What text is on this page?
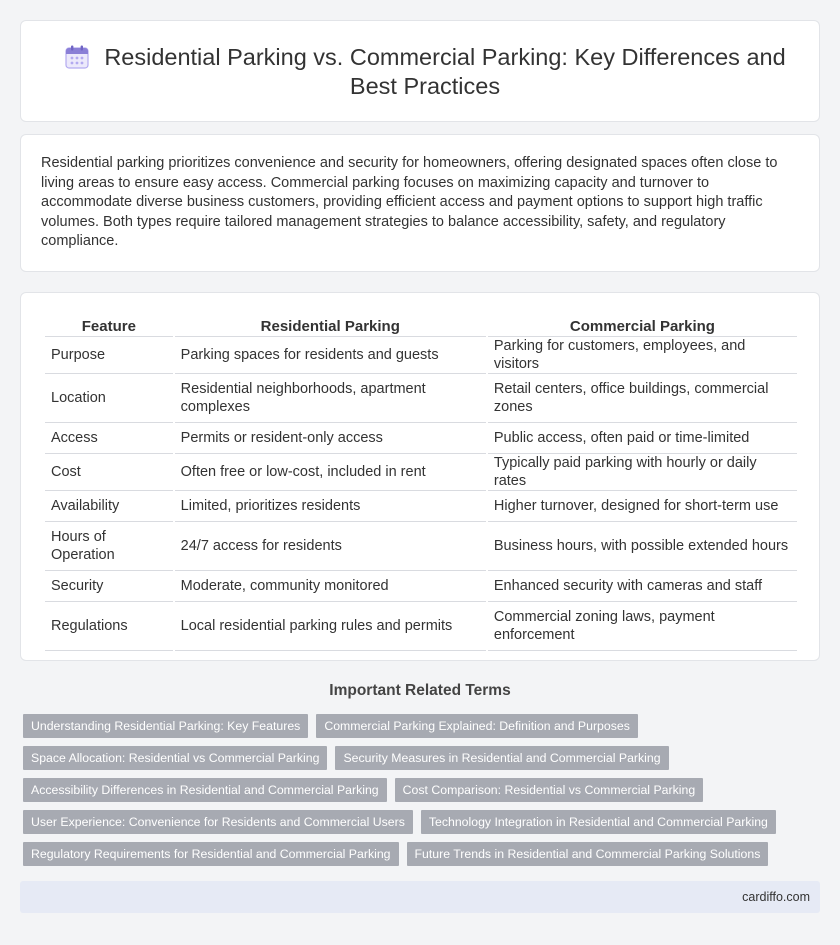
Residential Parking vs. Commercial Parking: Key Differences and Best Practices

Residential parking prioritizes convenience and security for homeowners, offering designated spaces often close to living areas to ensure easy access. Commercial parking focuses on maximizing capacity and turnover to accommodate diverse business customers, providing efficient access and payment options to support high traffic volumes. Both types require tailored management strategies to balance accessibility, safety, and regulatory compliance.

Feature	Residential Parking	Commercial Parking
Purpose	Parking spaces for residents and guests	Parking for customers, employees, and visitors
Location	Residential neighborhoods, apartment complexes	Retail centers, office buildings, commercial zones
Access	Permits or resident-only access	Public access, often paid or time-limited
Cost	Often free or low-cost, included in rent	Typically paid parking with hourly or daily rates
Availability	Limited, prioritizes residents	Higher turnover, designed for short-term use
Hours of Operation	24/7 access for residents	Business hours, with possible extended hours
Security	Moderate, community monitored	Enhanced security with cameras and staff
Regulations	Local residential parking rules and permits	Commercial zoning laws, payment enforcement
Important Related Terms
Understanding Residential Parking: Key Features	Commercial Parking Explained: Definition and Purposes
Space Allocation: Residential vs Commercial Parking	Security Measures in Residential and Commercial Parking
Accessibility Differences in Residential and Commercial Parking	Cost Comparison: Residential vs Commercial Parking
User Experience: Convenience for Residents and Commercial Users	Technology Integration in Residential and Commercial Parking
Regulatory Requirements for Residential and Commercial Parking	Future Trends in Residential and Commercial Parking Solutions
cardiffo.com
